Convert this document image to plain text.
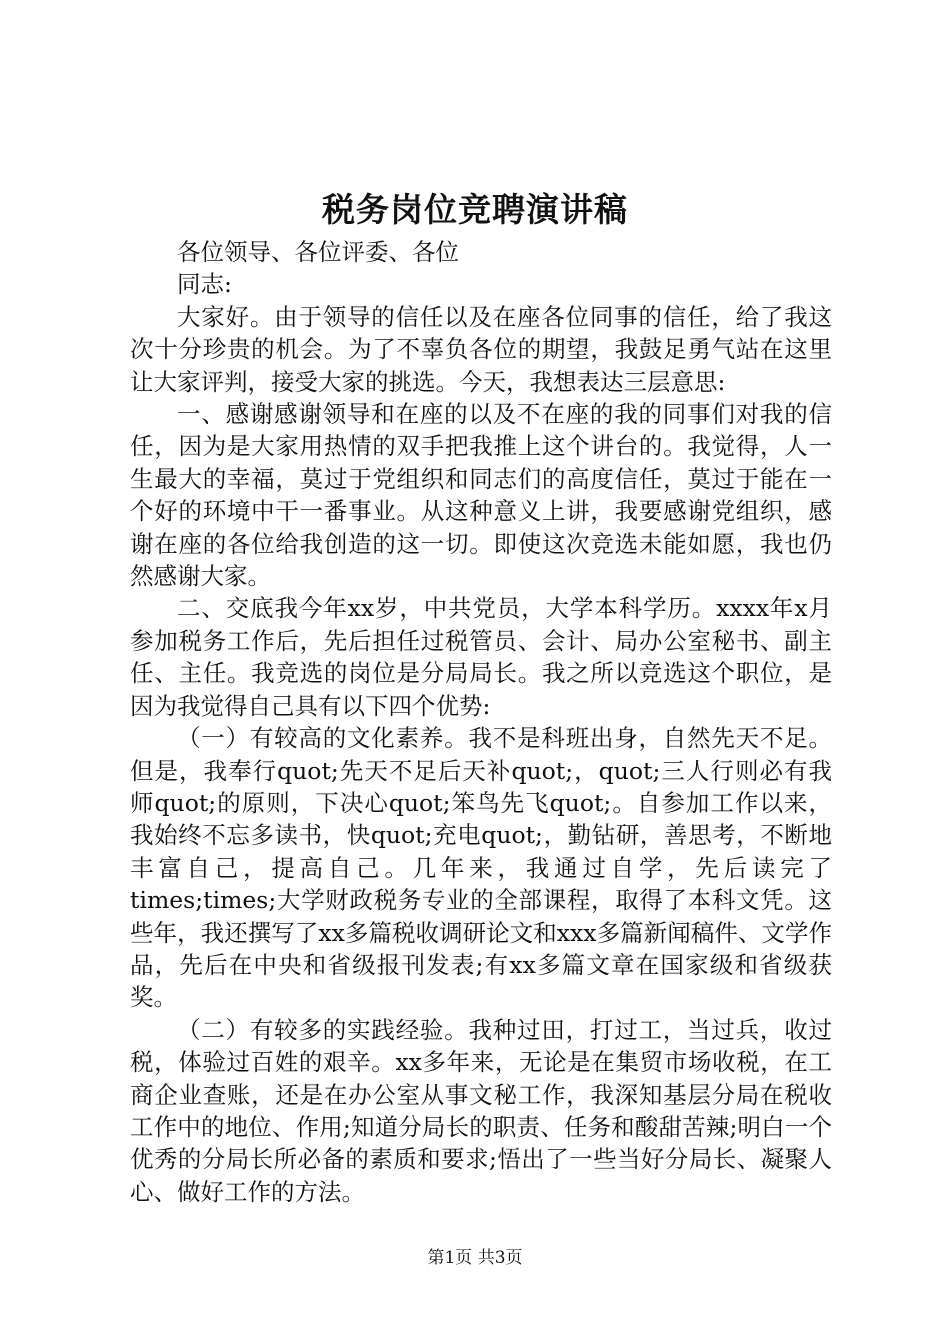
税务岗位竞聘演讲稿

各位领导、各位评委、各位

同志:

大家好。由于领导的信任以及在座各位同事的信任，给了我这次十分珍贵的机会。为了不辜负各位的期望，我鼓足勇气站在这里让大家评判，接受大家的挑选。今天，我想表达三层意思:

一、感谢感谢领导和在座的以及不在座的我的同事们对我的信任，因为是大家用热情的双手把我推上这个讲台的。我觉得，人一生最大的幸福，莫过于党组织和同志们的高度信任，莫过于能在一个好的环境中干一番事业。从这种意义上讲，我要感谢党组织，感谢在座的各位给我创造的这一切。即使这次竞选未能如愿，我也仍然感谢大家。

二、交底我今年xx岁，中共党员，大学本科学历。xxxx年x月参加税务工作后，先后担任过税管员、会计、局办公室秘书、副主任、主任。我竞选的岗位是分局局长。我之所以竞选这个职位，是因为我觉得自己具有以下四个优势:

（一）有较高的文化素养。我不是科班出身，自然先天不足。但是，我奉行quot;先天不足后天补quot;，quot;三人行则必有我师quot;的原则，下决心quot;笨鸟先飞quot;。自参加工作以来，我始终不忘多读书，快quot;充电quot;，勤钻研，善思考，不断地丰富自己，提高自己。几年来，我通过自学，先后读完了times;times;大学财政税务专业的全部课程，取得了本科文凭。这些年，我还撰写了xx多篇税收调研论文和xxx多篇新闻稿件、文学作品，先后在中央和省级报刊发表;有xx多篇文章在国家级和省级获奖。

（二）有较多的实践经验。我种过田，打过工，当过兵，收过税，体验过百姓的艰辛。xx多年来，无论是在集贸市场收税，在工商企业查账，还是在办公室从事文秘工作，我深知基层分局在税收工作中的地位、作用;知道分局长的职责、任务和酸甜苦辣;明白一个优秀的分局长所必备的素质和要求;悟出了一些当好分局长、凝聚人心、做好工作的方法。

第1页 共3页
